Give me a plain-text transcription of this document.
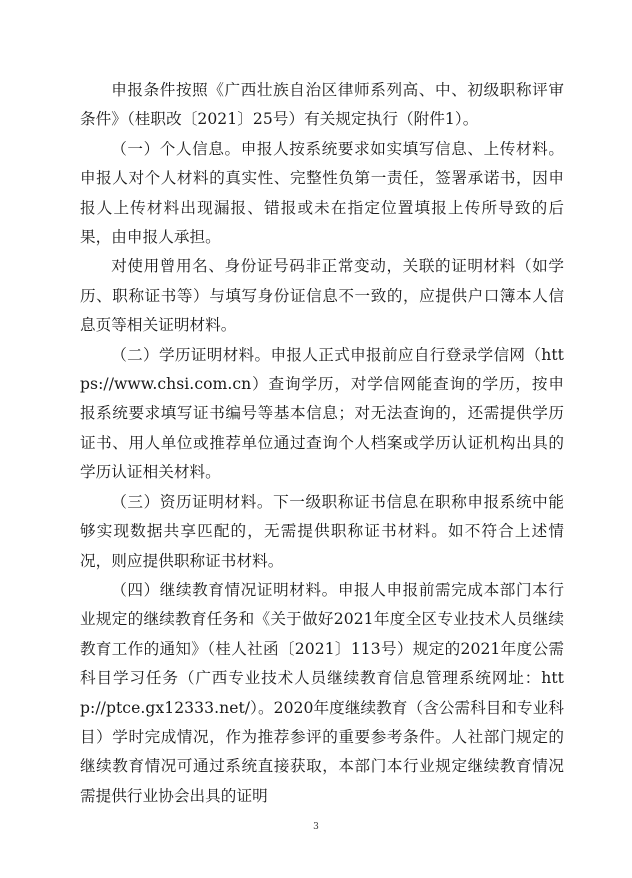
申报条件按照《广西壮族自治区律师系列高、中、初级职称评审条件》（桂职改〔2021〕25号）有关规定执行（附件1）。

（一）个人信息。申报人按系统要求如实填写信息、上传材料。申报人对个人材料的真实性、完整性负第一责任，签署承诺书，因申报人上传材料出现漏报、错报或未在指定位置填报上传所导致的后果，由申报人承担。

对使用曾用名、身份证号码非正常变动，关联的证明材料（如学历、职称证书等）与填写身份证信息不一致的，应提供户口簿本人信息页等相关证明材料。

（二）学历证明材料。申报人正式申报前应自行登录学信网（https://www.chsi.com.cn）查询学历，对学信网能查询的学历，按申报系统要求填写证书编号等基本信息；对无法查询的，还需提供学历证书、用人单位或推荐单位通过查询个人档案或学历认证机构出具的学历认证相关材料。

（三）资历证明材料。下一级职称证书信息在职称申报系统中能够实现数据共享匹配的，无需提供职称证书材料。如不符合上述情况，则应提供职称证书材料。

（四）继续教育情况证明材料。申报人申报前需完成本部门本行业规定的继续教育任务和《关于做好2021年度全区专业技术人员继续教育工作的通知》（桂人社函〔2021〕113号）规定的2021年度公需科目学习任务（广西专业技术人员继续教育信息管理系统网址：http://ptce.gx12333.net/）。2020年度继续教育（含公需科目和专业科目）学时完成情况，作为推荐参评的重要参考条件。人社部门规定的继续教育情况可通过系统直接获取，本部门本行业规定继续教育情况需提供行业协会出具的证明

3
